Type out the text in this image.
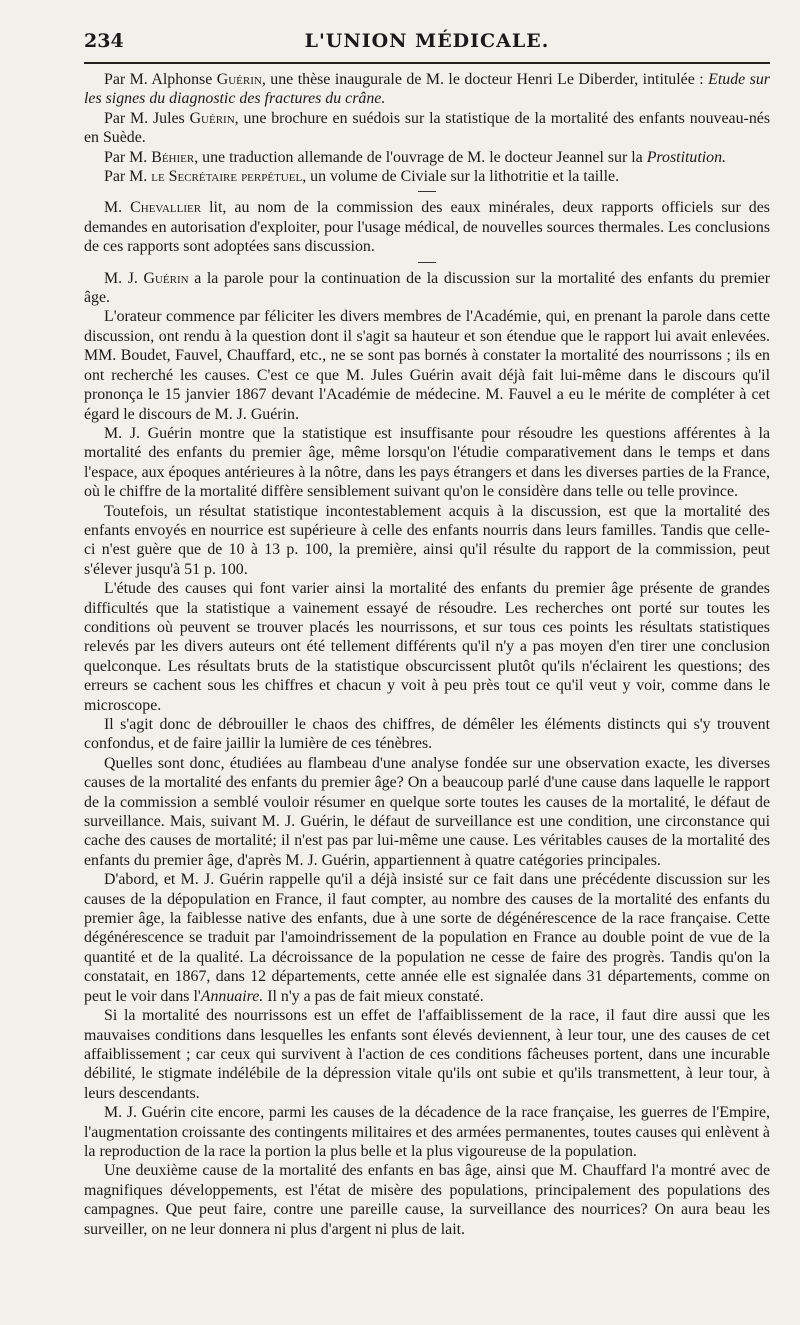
234	L'UNION MÉDICALE.

Par M. Alphonse Guérin, une thèse inaugurale de M. le docteur Henri Le Diberder, intitulée : Etude sur les signes du diagnostic des fractures du crâne.

Par M. Jules Guérin, une brochure en suédois sur la statistique de la mortalité des enfants nouveau-nés en Suède.

Par M. Béhier, une traduction allemande de l'ouvrage de M. le docteur Jeannel sur la Prostitution.

Par M. le Secrétaire perpétuel, un volume de Civiale sur la lithotritie et la taille.

M. Chevallier lit, au nom de la commission des eaux minérales, deux rapports officiels sur des demandes en autorisation d'exploiter, pour l'usage médical, de nouvelles sources thermales. Les conclusions de ces rapports sont adoptées sans discussion.

M. J. Guérin a la parole pour la continuation de la discussion sur la mortalité des enfants du premier âge.

L'orateur commence par féliciter les divers membres de l'Académie, qui, en prenant la parole dans cette discussion, ont rendu à la question dont il s'agit sa hauteur et son étendue que le rapport lui avait enlevées. MM. Boudet, Fauvel, Chauffard, etc., ne se sont pas bornés à constater la mortalité des nourrissons ; ils en ont recherché les causes. C'est ce que M. Jules Guérin avait déjà fait lui-même dans le discours qu'il prononça le 15 janvier 1867 devant l'Académie de médecine. M. Fauvel a eu le mérite de compléter à cet égard le discours de M. J. Guérin.

M. J. Guérin montre que la statistique est insuffisante pour résoudre les questions afférentes à la mortalité des enfants du premier âge, même lorsqu'on l'étudie comparativement dans le temps et dans l'espace, aux époques antérieures à la nôtre, dans les pays étrangers et dans les diverses parties de la France, où le chiffre de la mortalité diffère sensiblement suivant qu'on le considère dans telle ou telle province.

Toutefois, un résultat statistique incontestablement acquis à la discussion, est que la mortalité des enfants envoyés en nourrice est supérieure à celle des enfants nourris dans leurs familles. Tandis que celle-ci n'est guère que de 10 à 13 p. 100, la première, ainsi qu'il résulte du rapport de la commission, peut s'élever jusqu'à 51 p. 100.

L'étude des causes qui font varier ainsi la mortalité des enfants du premier âge présente de grandes difficultés que la statistique a vainement essayé de résoudre. Les recherches ont porté sur toutes les conditions où peuvent se trouver placés les nourrissons, et sur tous ces points les résultats statistiques relevés par les divers auteurs ont été tellement différents qu'il n'y a pas moyen d'en tirer une conclusion quelconque. Les résultats bruts de la statistique obscurcissent plutôt qu'ils n'éclairent les questions; des erreurs se cachent sous les chiffres et chacun y voit à peu près tout ce qu'il veut y voir, comme dans le microscope.

Il s'agit donc de débrouiller le chaos des chiffres, de démêler les éléments distincts qui s'y trouvent confondus, et de faire jaillir la lumière de ces ténèbres.

Quelles sont donc, étudiées au flambeau d'une analyse fondée sur une observation exacte, les diverses causes de la mortalité des enfants du premier âge? On a beaucoup parlé d'une cause dans laquelle le rapport de la commission a semblé vouloir résumer en quelque sorte toutes les causes de la mortalité, le défaut de surveillance. Mais, suivant M. J. Guérin, le défaut de surveillance est une condition, une circonstance qui cache des causes de mortalité; il n'est pas par lui-même une cause. Les véritables causes de la mortalité des enfants du premier âge, d'après M. J. Guérin, appartiennent à quatre catégories principales.

D'abord, et M. J. Guérin rappelle qu'il a déjà insisté sur ce fait dans une précédente discussion sur les causes de la dépopulation en France, il faut compter, au nombre des causes de la mortalité des enfants du premier âge, la faiblesse native des enfants, due à une sorte de dégénérescence de la race française. Cette dégénérescence se traduit par l'amoindrissement de la population en France au double point de vue de la quantité et de la qualité. La décroissance de la population ne cesse de faire des progrès. Tandis qu'on la constatait, en 1867, dans 12 départements, cette année elle est signalée dans 31 départements, comme on peut le voir dans l'Annuaire. Il n'y a pas de fait mieux constaté.

Si la mortalité des nourrissons est un effet de l'affaiblissement de la race, il faut dire aussi que les mauvaises conditions dans lesquelles les enfants sont élevés deviennent, à leur tour, une des causes de cet affaiblissement ; car ceux qui survivent à l'action de ces conditions fâcheuses portent, dans une incurable débilité, le stigmate indélébile de la dépression vitale qu'ils ont subie et qu'ils transmettent, à leur tour, à leurs descendants.

M. J. Guérin cite encore, parmi les causes de la décadence de la race française, les guerres de l'Empire, l'augmentation croissante des contingents militaires et des armées permanentes, toutes causes qui enlèvent à la reproduction de la race la portion la plus belle et la plus vigoureuse de la population.

Une deuxième cause de la mortalité des enfants en bas âge, ainsi que M. Chauffard l'a montré avec de magnifiques développements, est l'état de misère des populations, principalement des populations des campagnes. Que peut faire, contre une pareille cause, la surveillance des nourrices? On aura beau les surveiller, on ne leur donnera ni plus d'argent ni plus de lait.
